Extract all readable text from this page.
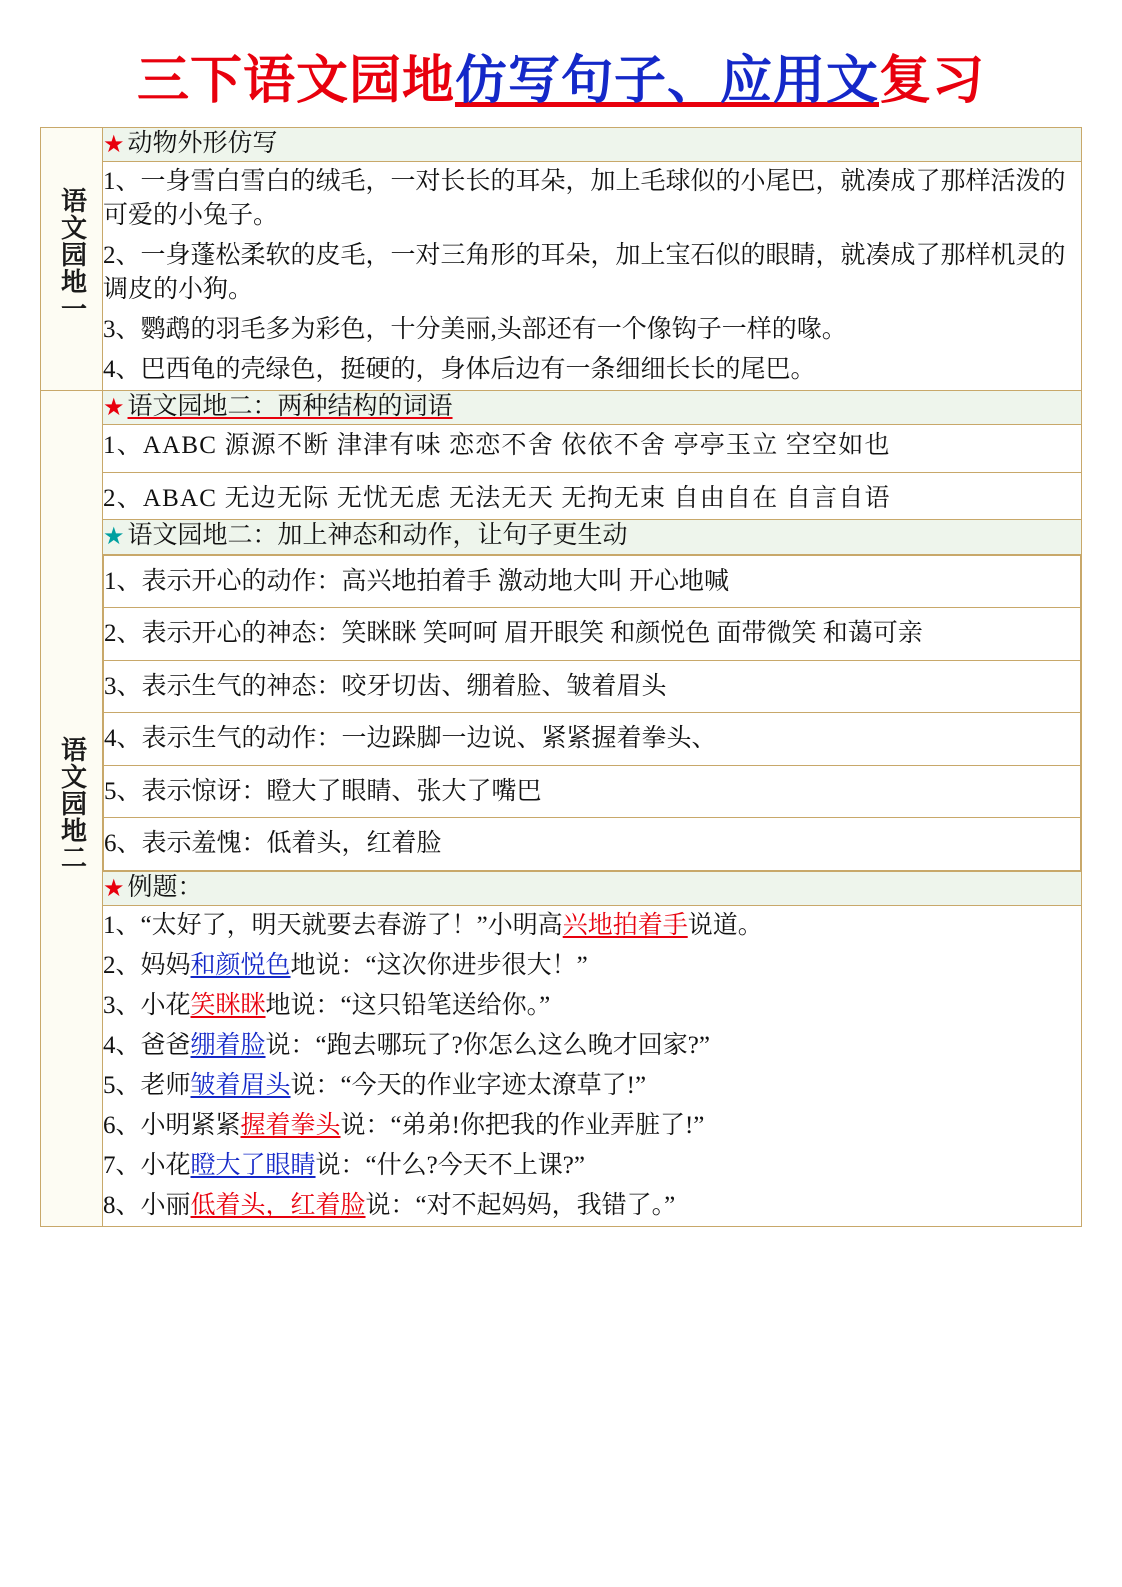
三下语文园地仿写句子、应用文复习
语文园地一	★ 动物外形仿写

1、一身雪白雪白的绒毛，一对长长的耳朵，加上毛球似的小尾巴，就凑成了那样活泼的可爱的小兔子。
2、一身蓬松柔软的皮毛，一对三角形的耳朵，加上宝石似的眼睛，就凑成了那样机灵的调皮的小狗。
3、鹦鹉的羽毛多为彩色，十分美丽,头部还有一个像钩子一样的喙。
4、巴西龟的壳绿色，挺硬的，身体后边有一条细细长长的尾巴。

语文园地二	★ 语文园地二：两种结构的词语

1、AABC 源源不断 津津有味 恋恋不舍 依依不舍 亭亭玉立 空空如也
2、ABAC 无边无际 无忧无虑 无法无天 无拘无束 自由自在 自言自语

★ 语文园地二：加上神态和动作，让句子更生动

1、表示开心的动作：高兴地拍着手 激动地大叫 开心地喊
2、表示开心的神态：笑眯眯 笑呵呵 眉开眼笑 和颜悦色 面带微笑 和蔼可亲
3、表示生气的神态：咬牙切齿、绷着脸、皱着眉头
4、表示生气的动作：一边跺脚一边说、紧紧握着拳头、
5、表示惊讶：瞪大了眼睛、张大了嘴巴
6、表示羞愧：低着头，红着脸

★ 例题：

1、“太好了，明天就要去春游了！”小明高兴地拍着手说道。
2、妈妈和颜悦色地说：“这次你进步很大！”
3、小花笑眯眯地说：“这只铅笔送给你。”
4、爸爸绷着脸说：“跑去哪玩了?你怎么这么晚才回家?”
5、老师皱着眉头说：“今天的作业字迹太潦草了!”
6、小明紧紧握着拳头说：“弟弟!你把我的作业弄脏了!”
7、小花瞪大了眼睛说：“什么?今天不上课?”
8、小丽低着头，红着脸说：“对不起妈妈，我错了。”
